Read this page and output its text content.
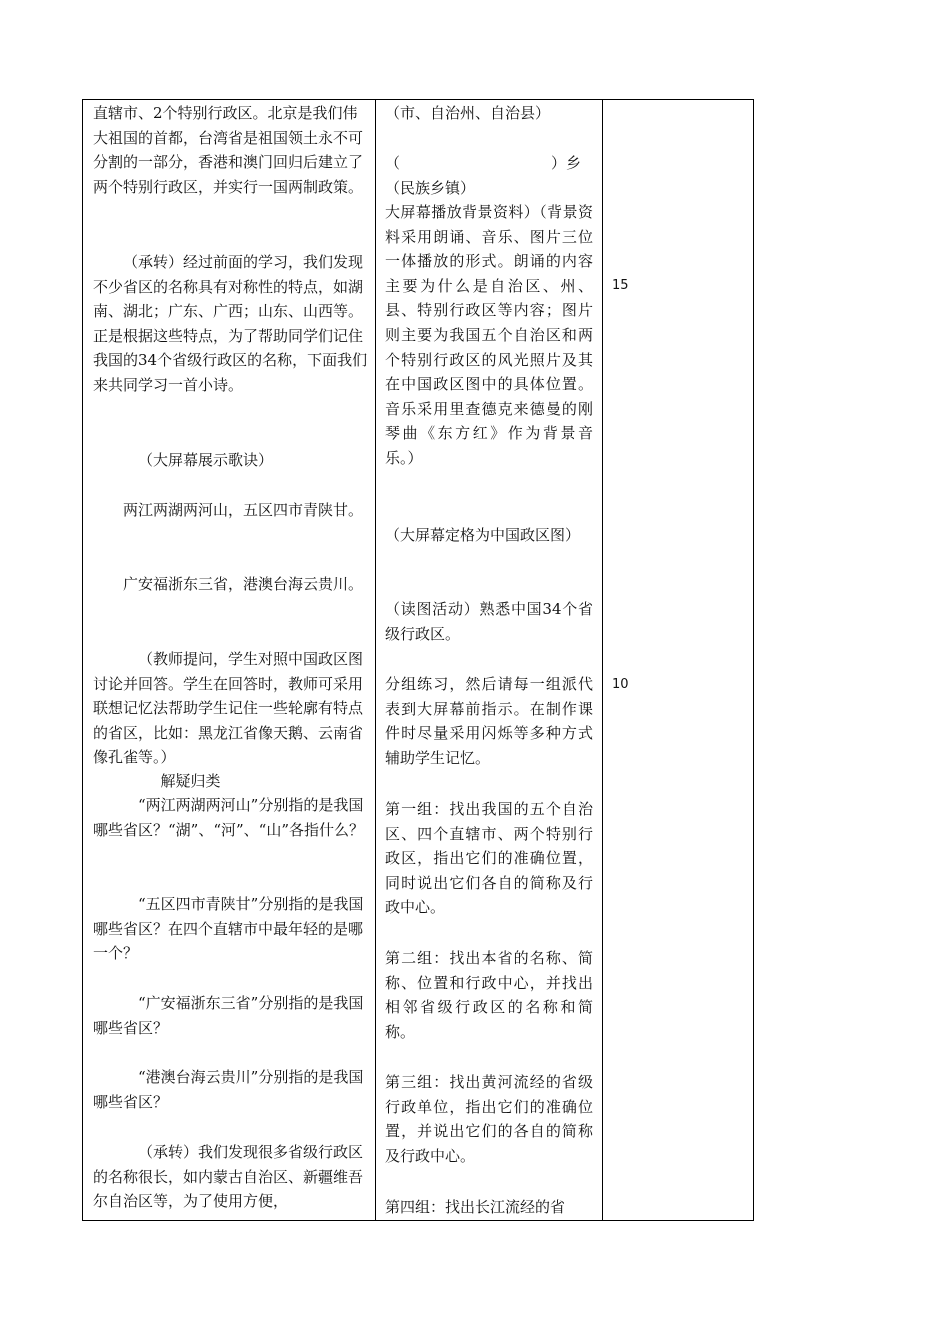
直辖市、2个特别行政区。北京是我们伟大祖国的首都，台湾省是祖国领土永不可分割的一部分，香港和澳门回归后建立了两个特别行政区，并实行一国两制政策。

（承转）经过前面的学习，我们发现不少省区的名称具有对称性的特点，如湖南、湖北；广东、广西；山东、山西等。正是根据这些特点，为了帮助同学们记住我国的34个省级行政区的名称，下面我们来共同学习一首小诗。

（大屏幕展示歌诀）

两江两湖两河山，五区四市青陕甘。

广安福浙东三省，港澳台海云贵川。

（教师提问，学生对照中国政区图讨论并回答。学生在回答时，教师可采用联想记忆法帮助学生记住一些轮廓有特点的省区，比如：黑龙江省像天鹅、云南省像孔雀等。）

解疑归类

“两江两湖两河山”分别指的是我国哪些省区？“湖”、“河”、“山”各指什么？

“五区四市青陕甘”分别指的是我国哪些省区？在四个直辖市中最年轻的是哪一个？

“广安福浙东三省”分别指的是我国哪些省区？

“港澳台海云贵川”分别指的是我国哪些省区？

（承转）我们发现很多省级行政区的名称很长，如内蒙古自治区、新疆维吾尔自治区等，为了使用方便，

（市、自治州、自治县）

（	）乡

（民族乡镇）

大屏幕播放背景资料）（背景资料采用朗诵、音乐、图片三位一体播放的形式。朗诵的内容主要为什么是自治区、州、县、特别行政区等内容；图片则主要为我国五个自治区和两个特别行政区的风光照片及其在中国政区图中的具体位置。音乐采用里查德克来德曼的刚琴曲《东方红》作为背景音乐。）

（大屏幕定格为中国政区图）

（读图活动）熟悉中国34个省级行政区。

分组练习，然后请每一组派代表到大屏幕前指示。在制作课件时尽量采用闪烁等多种方式辅助学生记忆。

第一组：找出我国的五个自治区、四个直辖市、两个特别行政区，指出它们的准确位置，同时说出它们各自的简称及行政中心。

第二组：找出本省的名称、简称、位置和行政中心，并找出相邻省级行政区的名称和简称。

第三组：找出黄河流经的省级行政单位，指出它们的准确位置，并说出它们的各自的简称及行政中心。

第四组：找出长江流经的省

15
10
